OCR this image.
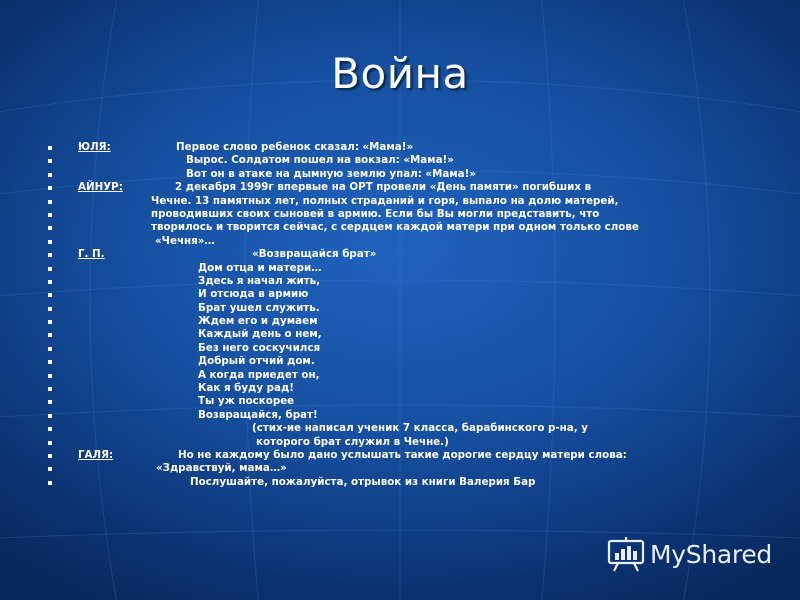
Война
ЮЛЯ:	Первое слово ребенок сказал: «Мама!»
Вырос. Солдатом пошел на вокзал: «Мама!»
Вот он в атаке на дымную землю упал: «Мама!»
АЙНУР:	2 декабря 1999г впервые на ОРТ провели «День памяти» погибших в
Чечне. 13 памятных лет, полных страданий и горя, выпало на долю матерей,
проводивших своих сыновей в армию. Если бы Вы могли представить, что
творилось и творится сейчас, с сердцем каждой матери при одном только слове
«Чечня»…
Г. П.	«Возвращайся брат»
Дом отца и матери…
Здесь я начал жить,
И отсюда в армию
Брат ушел служить.
Ждем его и думаем
Каждый день о нем,
Без него соскучился
Добрый отчий дом.
А когда приедет он,
Как я буду рад!
Ты уж поскорее
Возвращайся, брат!
(стих-ие написал ученик 7 класса, барабинского р-на, у
которого брат служил в Чечне.)
ГАЛЯ:	Но не каждому было дано услышать такие дорогие сердцу матери слова:
«Здравствуй, мама…»
Послушайте, пожалуйста, отрывок из книги Валерия Бар
MyShared
